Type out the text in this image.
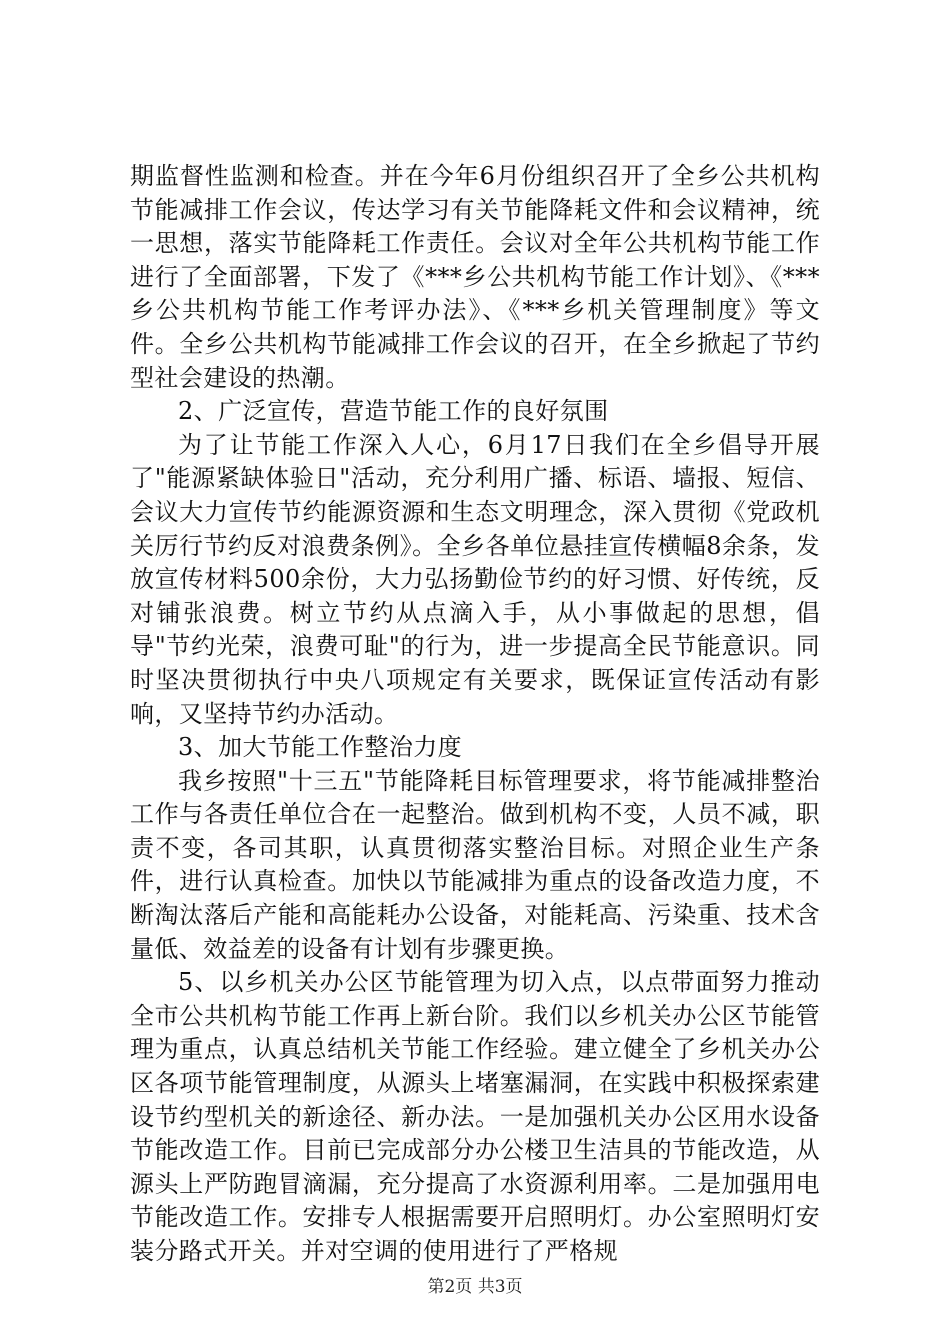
期监督性监测和检查。并在今年6月份组织召开了全乡公共机构节能减排工作会议，传达学习有关节能降耗文件和会议精神，统一思想，落实节能降耗工作责任。会议对全年公共机构节能工作进行了全面部署，下发了《***乡公共机构节能工作计划》、《***乡公共机构节能工作考评办法》、《***乡机关管理制度》等文件。全乡公共机构节能减排工作会议的召开，在全乡掀起了节约型社会建设的热潮。

2、广泛宣传，营造节能工作的良好氛围

为了让节能工作深入人心，6月17日我们在全乡倡导开展了"能源紧缺体验日"活动，充分利用广播、标语、墙报、短信、会议大力宣传节约能源资源和生态文明理念，深入贯彻《党政机关厉行节约反对浪费条例》。全乡各单位悬挂宣传横幅8余条，发放宣传材料500余份，大力弘扬勤俭节约的好习惯、好传统，反对铺张浪费。树立节约从点滴入手，从小事做起的思想，倡导"节约光荣，浪费可耻"的行为，进一步提高全民节能意识。同时坚决贯彻执行中央八项规定有关要求，既保证宣传活动有影响，又坚持节约办活动。

3、加大节能工作整治力度

我乡按照"十三五"节能降耗目标管理要求，将节能减排整治工作与各责任单位合在一起整治。做到机构不变，人员不减，职责不变，各司其职，认真贯彻落实整治目标。对照企业生产条件，进行认真检查。加快以节能减排为重点的设备改造力度，不断淘汰落后产能和高能耗办公设备，对能耗高、污染重、技术含量低、效益差的设备有计划有步骤更换。

5、以乡机关办公区节能管理为切入点，以点带面努力推动全市公共机构节能工作再上新台阶。我们以乡机关办公区节能管理为重点，认真总结机关节能工作经验。建立健全了乡机关办公区各项节能管理制度，从源头上堵塞漏洞，在实践中积极探索建设节约型机关的新途径、新办法。一是加强机关办公区用水设备节能改造工作。目前已完成部分办公楼卫生洁具的节能改造，从源头上严防跑冒滴漏，充分提高了水资源利用率。二是加强用电节能改造工作。安排专人根据需要开启照明灯。办公室照明灯安装分路式开关。并对空调的使用进行了严格规

第2页 共3页
